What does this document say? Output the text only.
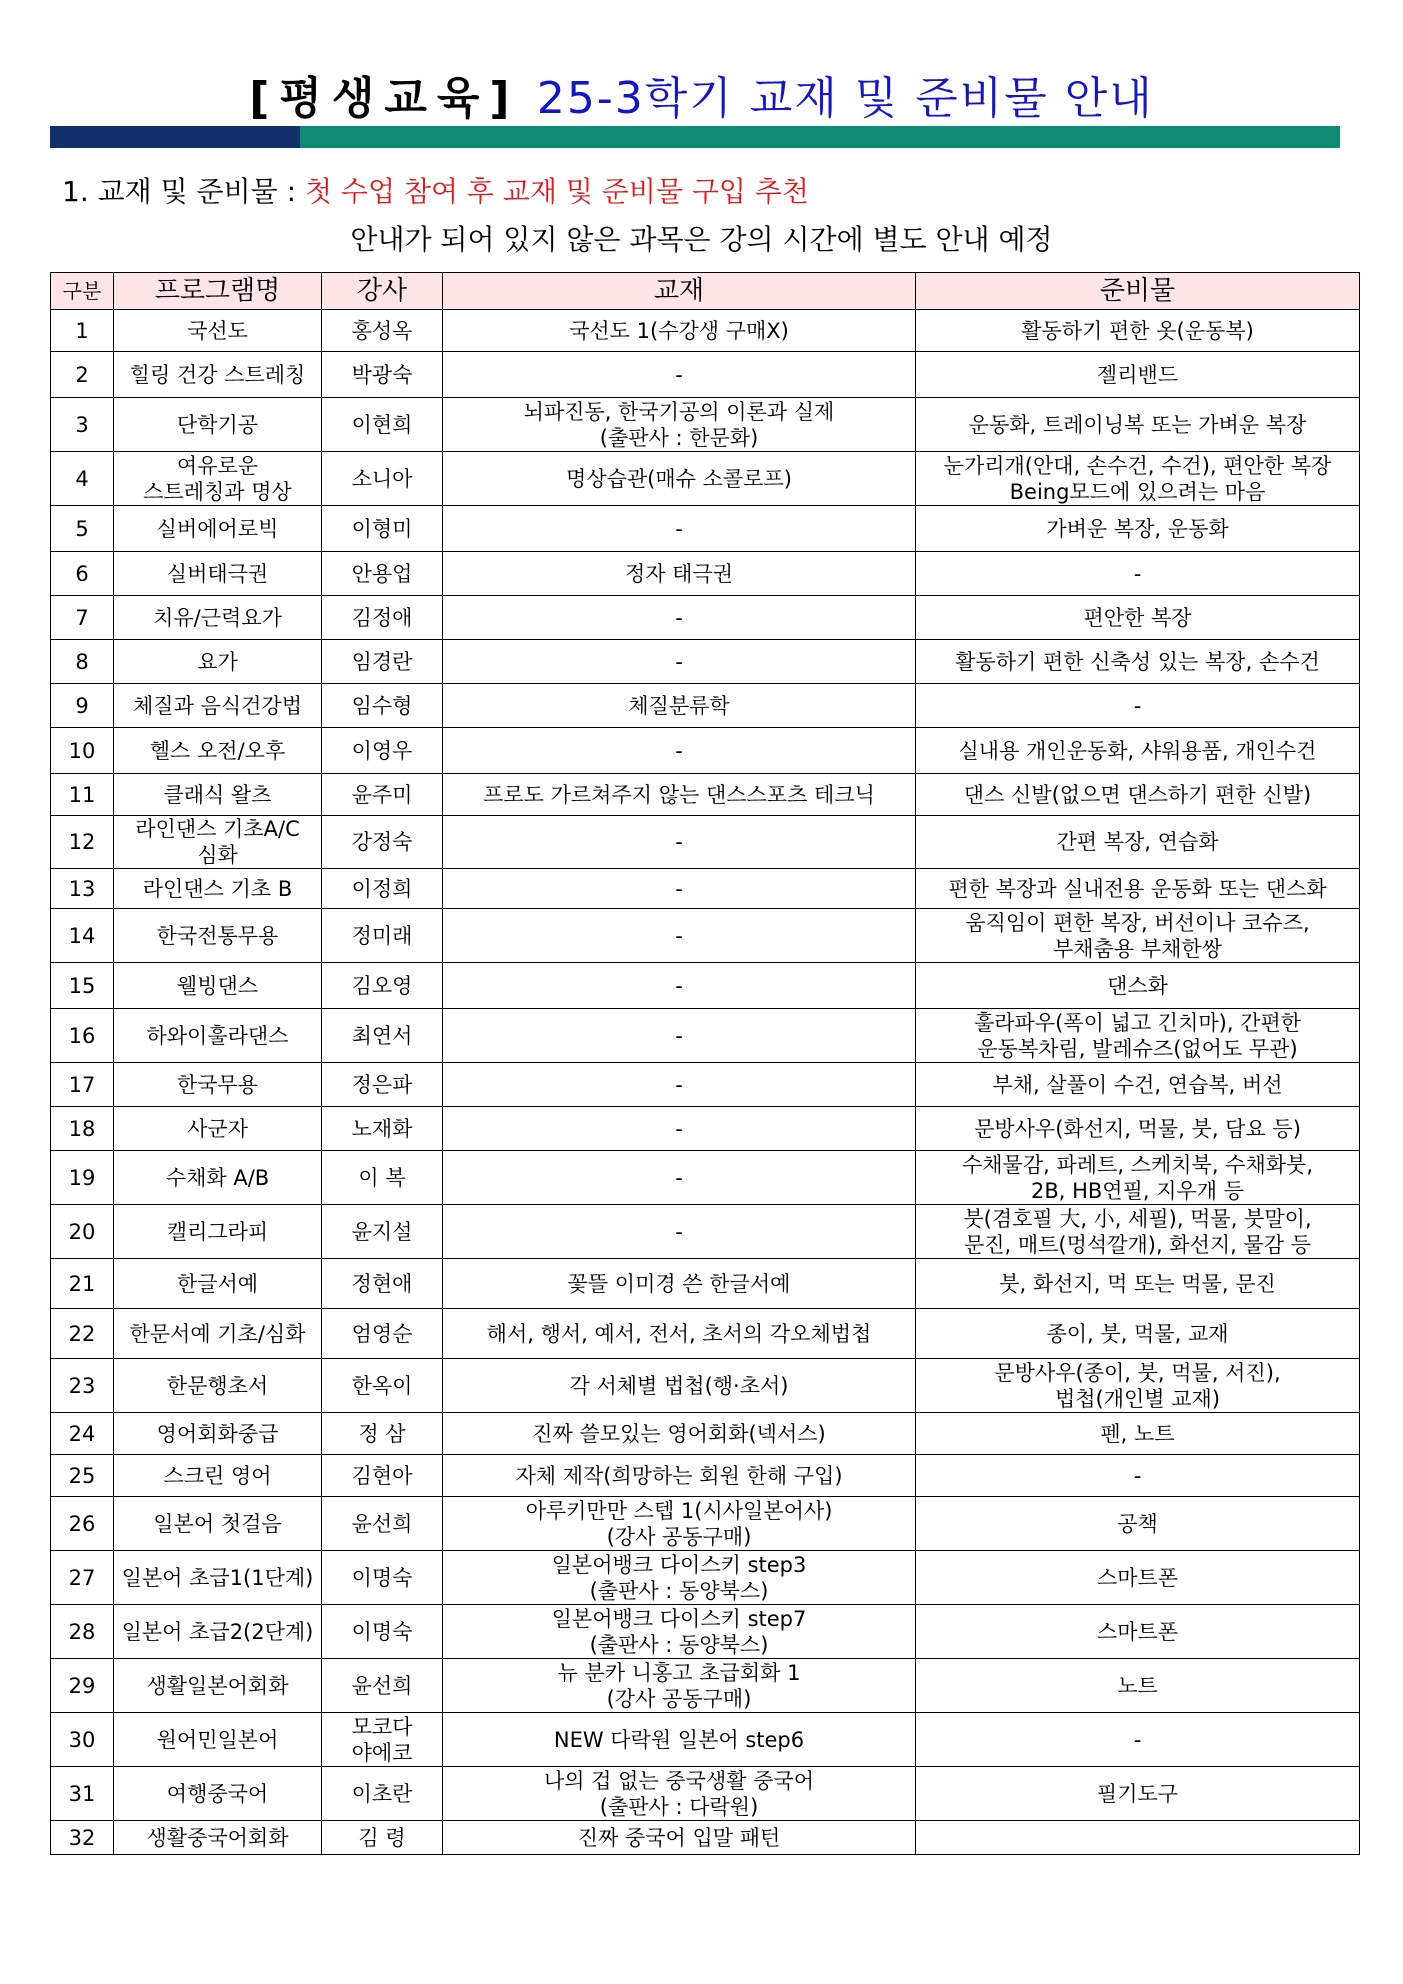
[평생교육] 25-3학기 교재 및 준비물 안내
1. 교재 및 준비물 : 첫 수업 참여 후 교재 및 준비물 구입 추천
안내가 되어 있지 않은 과목은 강의 시간에 별도 안내 예정
구분	프로그램명	강사	교재	준비물
1	국선도	홍성옥	국선도 1(수강생 구매X)	활동하기 편한 옷(운동복)
2	힐링 건강 스트레칭	박광숙	-	젤리밴드
3	단학기공	이현희	뇌파진동, 한국기공의 이론과 실제
(출판사 : 한문화)	운동화, 트레이닝복 또는 가벼운 복장
4	여유로운
스트레칭과 명상	소니아	명상습관(매슈 소콜로프)	눈가리개(안대, 손수건, 수건), 편안한 복장
Being모드에 있으려는 마음
5	실버에어로빅	이형미	-	가벼운 복장, 운동화
6	실버태극권	안용업	정자 태극권	-
7	치유/근력요가	김정애	-	편안한 복장
8	요가	임경란	-	활동하기 편한 신축성 있는 복장, 손수건
9	체질과 음식건강법	임수형	체질분류학	-
10	헬스 오전/오후	이영우	-	실내용 개인운동화, 샤워용품, 개인수건
11	클래식 왈츠	윤주미	프로도 가르쳐주지 않는 댄스스포츠 테크닉	댄스 신발(없으면 댄스하기 편한 신발)
12	라인댄스 기초A/C
심화	강정숙	-	간편 복장, 연습화
13	라인댄스 기초 B	이정희	-	편한 복장과 실내전용 운동화 또는 댄스화
14	한국전통무용	정미래	-	움직임이 편한 복장, 버선이나 코슈즈,
부채춤용 부채한쌍
15	웰빙댄스	김오영	-	댄스화
16	하와이훌라댄스	최연서	-	훌라파우(폭이 넓고 긴치마), 간편한
운동복차림, 발레슈즈(없어도 무관)
17	한국무용	정은파	-	부채, 살풀이 수건, 연습복, 버선
18	사군자	노재화	-	문방사우(화선지, 먹물, 붓, 담요 등)
19	수채화 A/B	이 복	-	수채물감, 파레트, 스케치북, 수채화붓,
2B, HB연필, 지우개 등
20	캘리그라피	윤지설	-	붓(겸호필 大, 小, 세필), 먹물, 붓말이,
문진, 매트(멍석깔개), 화선지, 물감 등
21	한글서예	정현애	꽃뜰 이미경 쓴 한글서예	붓, 화선지, 먹 또는 먹물, 문진
22	한문서예 기초/심화	엄영순	해서, 행서, 예서, 전서, 초서의 각오체법첩	종이, 붓, 먹물, 교재
23	한문행초서	한옥이	각 서체별 법첩(행·초서)	문방사우(종이, 붓, 먹물, 서진),
법첩(개인별 교재)
24	영어회화중급	정 삼	진짜 쓸모있는 영어회화(넥서스)	펜, 노트
25	스크린 영어	김현아	자체 제작(희망하는 회원 한해 구입)	-
26	일본어 첫걸음	윤선희	아루키만만 스텝 1(시사일본어사)
(강사 공동구매)	공책
27	일본어 초급1(1단계)	이명숙	일본어뱅크 다이스키 step3
(출판사 : 동양북스)	스마트폰
28	일본어 초급2(2단계)	이명숙	일본어뱅크 다이스키 step7
(출판사 : 동양북스)	스마트폰
29	생활일본어회화	윤선희	뉴 분카 니홍고 초급회화 1
(강사 공동구매)	노트
30	원어민일본어	모코다
야에코	NEW 다락원 일본어 step6	-
31	여행중국어	이초란	나의 겁 없는 중국생활 중국어
(출판사 : 다락원)	필기도구
32	생활중국어회화	김 령	진짜 중국어 입말 패턴	
